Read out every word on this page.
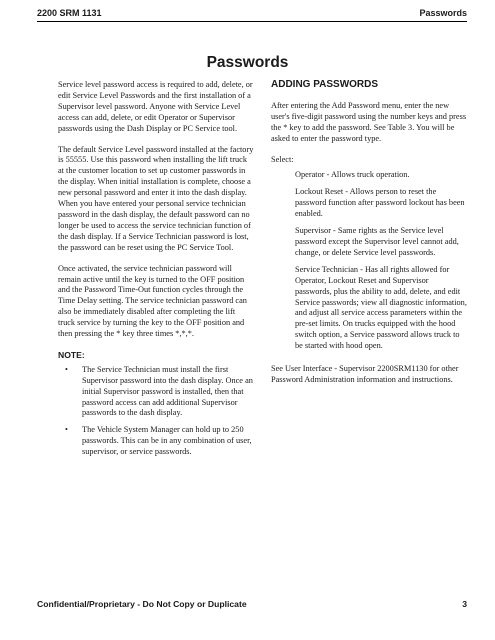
2200 SRM 1131	Passwords
Passwords

Service level password access is required to add, delete, or edit Service Level Passwords and the first installation of a Supervisor level password. Anyone with Service Level access can add, delete, or edit Operator or Supervisor passwords using the Dash Display or PC Service tool.

The default Service Level password installed at the factory is 55555. Use this password when installing the lift truck at the customer location to set up customer passwords in the display. When initial installation is complete, choose a new personal password and enter it into the dash display. When you have entered your personal service technician password in the dash display, the default password can no longer be used to access the service technician function of the dash display. If a Service Technician password is lost, the password can be reset using the PC Service Tool.

Once activated, the service technician password will remain active until the key is turned to the OFF position and the Password Time-Out function cycles through the Time Delay setting. The service technician password can also be immediately disabled after completing the lift truck service by turning the key to the OFF position and then pressing the * key three times *,*,*.

NOTE:
• The Service Technician must install the first Supervisor password into the dash display. Once an initial Supervisor password is installed, then that password access can add additional Supervisor passwords to the dash display.
• The Vehicle System Manager can hold up to 250 passwords. This can be in any combination of user, supervisor, or service passwords.
ADDING PASSWORDS

After entering the Add Password menu, enter the new user's five-digit password using the number keys and press the * key to add the password. See Table 3. You will be asked to enter the password type.

Select:
Operator - Allows truck operation.
Lockout Reset - Allows person to reset the password function after password lockout has been enabled.
Supervisor - Same rights as the Service level password except the Supervisor level cannot add, change, or delete Service level passwords.
Service Technician - Has all rights allowed for Operator, Lockout Reset and Supervisor passwords, plus the ability to add, delete, and edit Service passwords; view all diagnostic information, and adjust all service access parameters within the pre-set limits. On trucks equipped with the hood switch option, a Service password allows truck to be started with hood open.

See User Interface - Supervisor 2200SRM1130 for other Password Administration information and instructions.

Confidential/Proprietary - Do Not Copy or Duplicate	3
